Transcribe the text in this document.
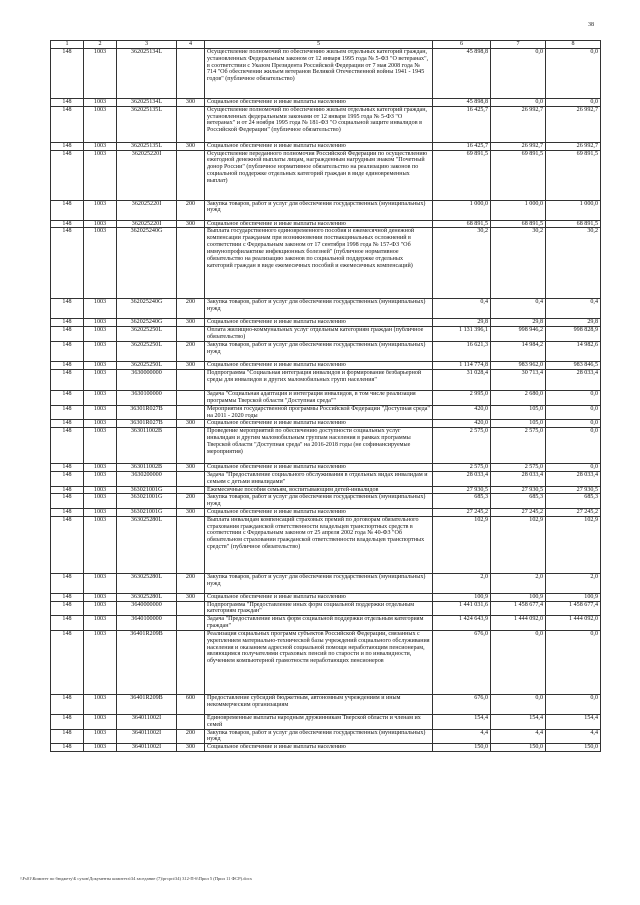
38
1	2	3	4	5	6	7	8
148	1003	362025134L		Осуществление полномочий по обеспечению жильем отдельных категорий граждан, установленных Федеральным законом от 12 января 1995 года № 5-ФЗ "О ветеранах", в соответствии с Указом Президента Российской Федерации от 7 мая 2008 года № 714 "Об обеспечении жильем ветеранов Великой Отечественной войны 1941 - 1945 годов" (публичное обязательство)	45 898,8	0,0	0,0
148	1003	362025134L	300	Социальное обеспечение и иные выплаты населению	45 898,8	0,0	0,0
148	1003	362025135L		Осуществление полномочий по обеспечению жильем отдельных категорий граждан, установленных федеральными законами от 12 января 1995 года № 5-ФЗ "О ветеранах" и от 24 ноября 1995 года № 181-ФЗ "О социальной защите инвалидов в Российской Федерации" (публичное обязательство)	16 425,7	26 992,7	26 992,7
148	1003	362025135L	300	Социальное обеспечение и иные выплаты населению	16 425,7	26 992,7	26 992,7
148	1003	362025220I		Осуществление переданного полномочия Российской Федерации по осуществлению ежегодной денежной выплаты лицам, награжденным нагрудным знаком "Почетный донор России" (публичное нормативное обязательство на реализацию законов по социальной поддержке отдельных категорий граждан в виде единовременных выплат)	69 891,5	69 891,5	69 891,5
148	1003	362025220I	200	Закупка товаров, работ и услуг для обеспечения государственных (муниципальных) нужд	1 000,0	1 000,0	1 000,0
148	1003	362025220I	300	Социальное обеспечение и иные выплаты населению	68 891,5	68 891,5	68 891,5
148	1003	362025240G		Выплата государственного единовременного пособия и ежемесячной денежной компенсации гражданам при возникновении поствакцинальных осложнений в соответствии с Федеральным законом от 17 сентября 1998 года № 157-ФЗ "Об иммунопрофилактике инфекционных болезней" (публичное нормативное обязательство на реализацию законов по социальной поддержке отдельных категорий граждан в виде ежемесячных пособий и ежемесячных компенсаций)	30,2	30,2	30,2
148	1003	362025240G	200	Закупка товаров, работ и услуг для обеспечения государственных (муниципальных) нужд	0,4	0,4	0,4
148	1003	362025240G	300	Социальное обеспечение и иные выплаты населению	29,8	29,8	29,8
148	1003	362025250L		Оплата жилищно-коммунальных услуг отдельным категориям граждан (публичное обязательство)	1 131 396,1	998 946,2	998 828,9
148	1003	362025250L	200	Закупка товаров, работ и услуг для обеспечения государственных (муниципальных) нужд	16 621,3	14 984,2	14 982,6
148	1003	362025250L	300	Социальное обеспечение и иные выплаты населению	1 114 774,8	983 962,0	983 846,5
148	1003	3630000000		Подпрограмма "Социальная интеграция инвалидов и формирование безбарьерной среды для инвалидов и других маломобильных групп населения"	31 028,4	30 713,4	28 033,4
148	1003	3630100000		Задача "Социальная адаптация и интеграция инвалидов, в том числе реализация программы Тверской области "Доступная среда""	2 995,0	2 680,0	0,0
148	1003	36301R027B		Мероприятия государственной программы Российской Федерации "Доступная среда" на 2011 - 2020 годы	420,0	105,0	0,0
148	1003	36301R027B	300	Социальное обеспечение и иные выплаты населению	420,0	105,0	0,0
148	1003	363011002B		Проведение мероприятий по обеспечению доступности социальных услуг инвалидам и другим маломобильным группам населения в рамках программы Тверской области "Доступная среда" на 2016-2018 годы (не софинансируемые мероприятия)	2 575,0	2 575,0	0,0
148	1003	363011002B	300	Социальное обеспечение и иные выплаты населению	2 575,0	2 575,0	0,0
148	1003	3630200000		Задача "Предоставление социального обслуживания в отдельных видах инвалидам и семьям с детьми инвалидами"	28 033,4	28 033,4	28 033,4
148	1003	363021001G		Ежемесячные пособия семьям, воспитывающим детей-инвалидов	27 930,5	27 930,5	27 930,5
148	1003	363021001G	200	Закупка товаров, работ и услуг для обеспечения государственных (муниципальных) нужд	685,3	685,3	685,3
148	1003	363021001G	300	Социальное обеспечение и иные выплаты населению	27 245,2	27 245,2	27 245,2
148	1003	363025280L		Выплата инвалидам компенсаций страховых премий по договорам обязательного страхования гражданской ответственности владельцев транспортных средств в соответствии с Федеральным законом от 25 апреля 2002 года № 40-ФЗ "Об обязательном страховании гражданской ответственности владельцев транспортных средств" (публичное обязательство)	102,9	102,9	102,9
148	1003	363025280L	200	Закупка товаров, работ и услуг для обеспечения государственных (муниципальных) нужд	2,0	2,0	2,0
148	1003	363025280L	300	Социальное обеспечение и иные выплаты населению	100,9	100,9	100,9
148	1003	3640000000		Подпрограмма "Предоставление иных форм социальной поддержки отдельным категориям граждан"	1 441 031,6	1 458 677,4	1 458 677,4
148	1003	3640100000		Задача "Предоставление иных форм социальной поддержки отдельным категориям граждан"	1 424 643,9	1 444 092,0	1 444 092,0
148	1003	36401R209B		Реализация социальных программ субъектов Российской Федерации, связанных с укреплением материально-технической базы учреждений социального обслуживания населения и оказанием адресной социальной помощи неработающим пенсионерам, являющимся получателями страховых пенсий по старости и по инвалидности, обучением компьютерной грамотности неработающих пенсионеров	676,0	0,0	0,0
148	1003	36401R209B	600	Предоставление субсидий бюджетным, автономным учреждениям и иным некоммерческим организациям	676,0	0,0	0,0
148	1003	364011002I		Единовременные выплаты народным дружинникам Тверской области и членам их семей	154,4	154,4	154,4
148	1003	364011002I	200	Закупка товаров, работ и услуг для обеспечения государственных (муниципальных) нужд	4,4	4,4	4,4
148	1003	364011002I	300	Социальное обеспечение и иные выплаты населению	150,0	150,0	150,0
\\Fs01\Комитет по бюджету\Б сухов\Документы комитета\34 заседание (7)\ргсрп\34) 312-П-6\Прил 5 (Прил 11 ФСР).docx
